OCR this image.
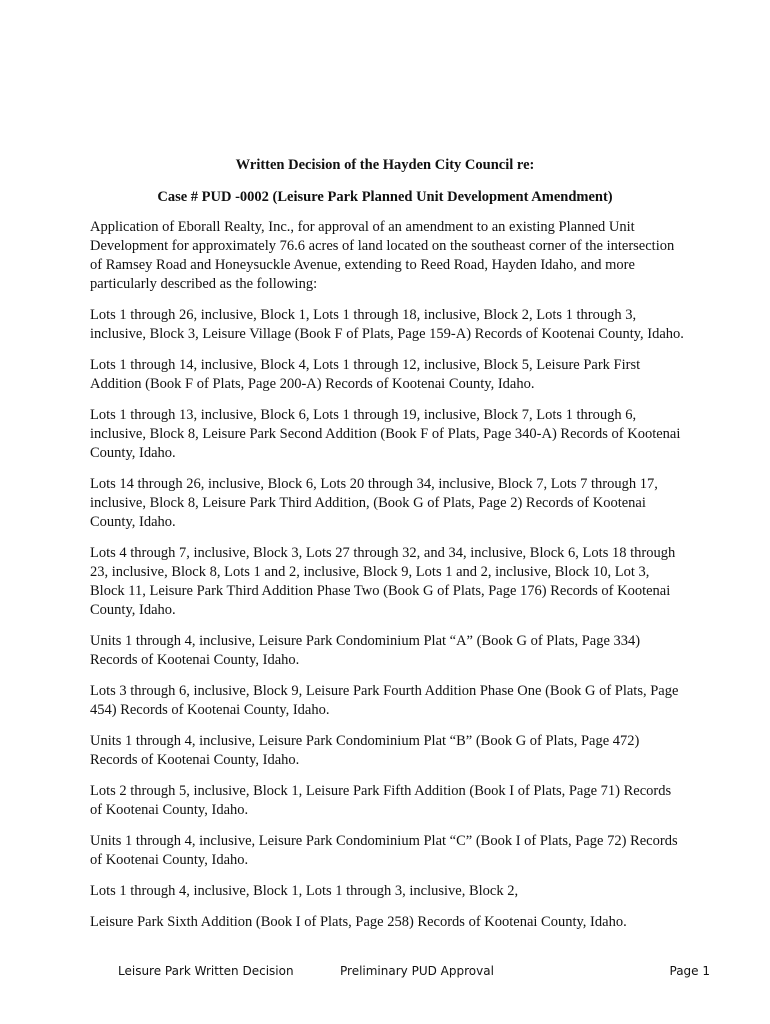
Written Decision of the Hayden City Council re:
Case # PUD -0002 (Leisure Park Planned Unit Development Amendment)

Application of Eborall Realty, Inc., for approval of an amendment to an existing Planned Unit Development for approximately 76.6 acres of land located on the southeast corner of the intersection of Ramsey Road and Honeysuckle Avenue, extending to Reed Road, Hayden Idaho, and more particularly described as the following:

Lots 1 through 26, inclusive, Block 1, Lots 1 through 18, inclusive, Block 2, Lots 1 through 3, inclusive, Block 3, Leisure Village (Book F of Plats, Page 159-A) Records of Kootenai County, Idaho.

Lots 1 through 14, inclusive, Block 4, Lots 1 through 12, inclusive, Block 5, Leisure Park First Addition (Book F of Plats, Page 200-A) Records of Kootenai County, Idaho.

Lots 1 through 13, inclusive, Block 6, Lots 1 through 19, inclusive, Block 7, Lots 1 through 6, inclusive, Block 8, Leisure Park Second Addition (Book F of Plats, Page 340-A) Records of Kootenai County, Idaho.

Lots 14 through 26, inclusive, Block 6, Lots 20 through 34, inclusive, Block 7, Lots 7 through 17, inclusive, Block 8, Leisure Park Third Addition, (Book G of Plats, Page 2) Records of Kootenai County, Idaho.

Lots 4 through 7, inclusive, Block 3, Lots 27 through 32, and 34, inclusive, Block 6, Lots 18 through 23, inclusive, Block 8, Lots 1 and 2, inclusive, Block 9, Lots 1 and 2, inclusive, Block 10, Lot 3, Block 11, Leisure Park Third Addition Phase Two (Book G of Plats, Page 176) Records of Kootenai County, Idaho.

Units 1 through 4, inclusive, Leisure Park Condominium Plat “A” (Book G of Plats, Page 334) Records of Kootenai County, Idaho.

Lots 3 through 6, inclusive, Block 9, Leisure Park Fourth Addition Phase One (Book G of Plats, Page 454) Records of Kootenai County, Idaho.

Units 1 through 4, inclusive, Leisure Park Condominium Plat “B” (Book G of Plats, Page 472) Records of Kootenai County, Idaho.

Lots 2 through 5, inclusive, Block 1, Leisure Park Fifth Addition (Book I of Plats, Page 71) Records of Kootenai County, Idaho.

Units 1 through 4, inclusive, Leisure Park Condominium Plat “C” (Book I of Plats, Page 72) Records of Kootenai County, Idaho.

Lots 1 through 4, inclusive, Block 1, Lots 1 through 3, inclusive, Block 2,

Leisure Park Sixth Addition (Book I of Plats, Page 258) Records of Kootenai County, Idaho.

Leisure Park Written Decision	Preliminary PUD Approval	Page 1
